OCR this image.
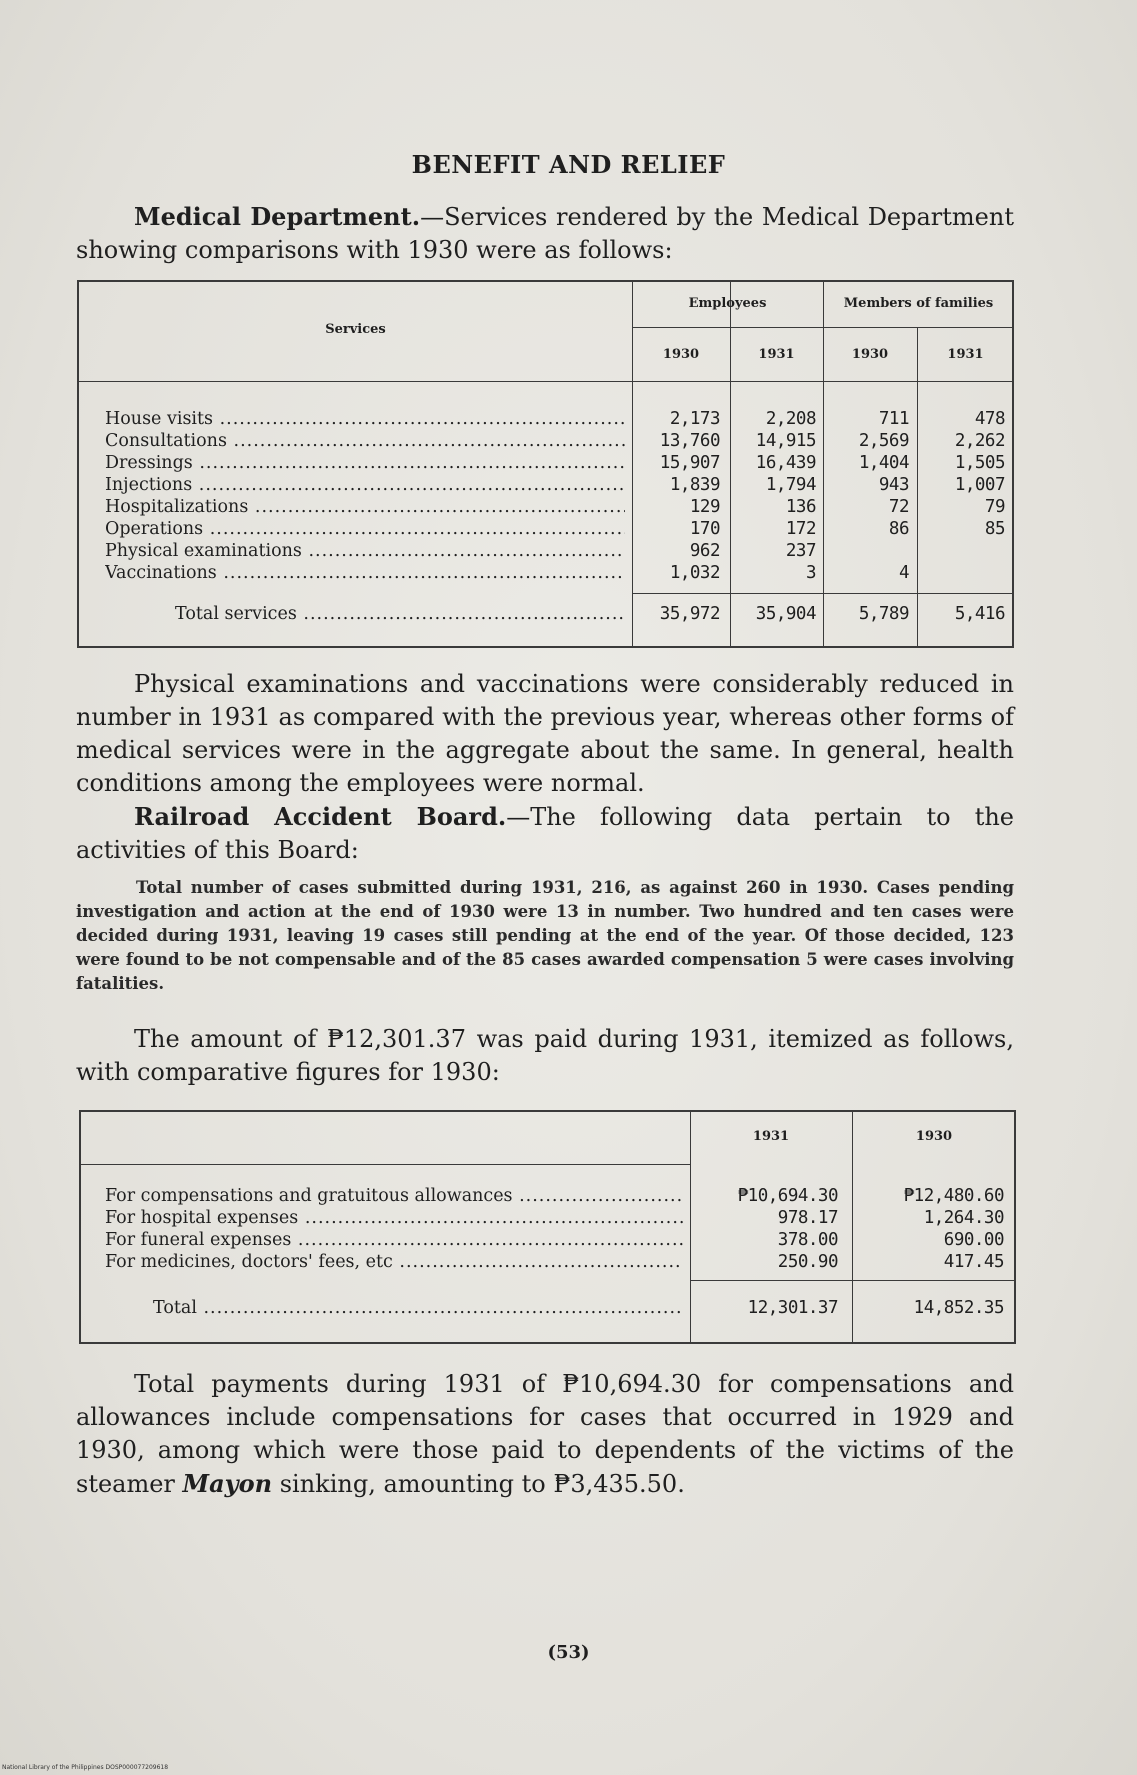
BENEFIT AND RELIEF

Medical Department.—Services rendered by the Medical Department showing comparisons with 1930 were as follows:

Services
Employees	Members of families
1930	1931	1930	1931
House visits .....	2,173	2,208	711	478
Consultations .....	13,760	14,915	2,569	2,262
Dressings .....	15,907	16,439	1,404	1,505
Injections .....	1,839	1,794	943	1,007
Hospitalizations .....	129	136	72	79
Operations .....	170	172	86	85
Physical examinations .....	962	237
Vaccinations .....	1,032	3	4
Total services .....	35,972	35,904	5,789	5,416

Physical examinations and vaccinations were considerably reduced in number in 1931 as compared with the previous year, whereas other forms of medical services were in the aggregate about the same. In general, health conditions among the employees were normal.

Railroad Accident Board.—The following data pertain to the activities of this Board:

Total number of cases submitted during 1931, 216, as against 260 in 1930. Cases pending investigation and action at the end of 1930 were 13 in number. Two hundred and ten cases were decided during 1931, leaving 19 cases still pending at the end of the year. Of those decided, 123 were found to be not compensable and of the 85 cases awarded compensation 5 were cases involving fatalities.

The amount of ₱12,301.37 was paid during 1931, itemized as follows, with comparative figures for 1930:

1931	1930
For compensations and gratuitous allowances .....	₱10,694.30	₱12,480.60
For hospital expenses .....	978.17	1,264.30
For funeral expenses .....	378.00	690.00
For medicines, doctors' fees, etc .....	250.90	417.45
Total .....	12,301.37	14,852.35

Total payments during 1931 of ₱10,694.30 for compensations and allowances include compensations for cases that occurred in 1929 and 1930, among which were those paid to dependents of the victims of the steamer Mayon sinking, amounting to ₱3,435.50.

(53)
National Library of the Philippines DOSP000077209618
